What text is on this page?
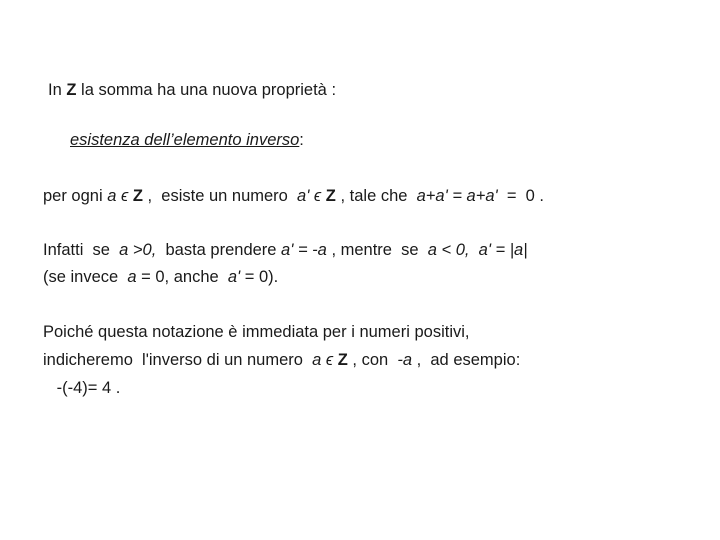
In Z la somma ha una nuova proprietà :
esistenza dell’elemento inverso:
per ogni a ϵ Z ,  esiste un numero  a' ϵ Z , tale che  a+a' = a+a'  =  0 .
Infatti  se  a >0,  basta prendere a' = -a , mentre  se  a < 0,  a' = |a|
(se invece  a = 0, anche  a' = 0).
Poiché questa notazione è immediata per i numeri positivi,
indicheremo  l'inverso di un numero  a ϵ Z , con  -a ,  ad esempio:
-(-4)= 4 .
